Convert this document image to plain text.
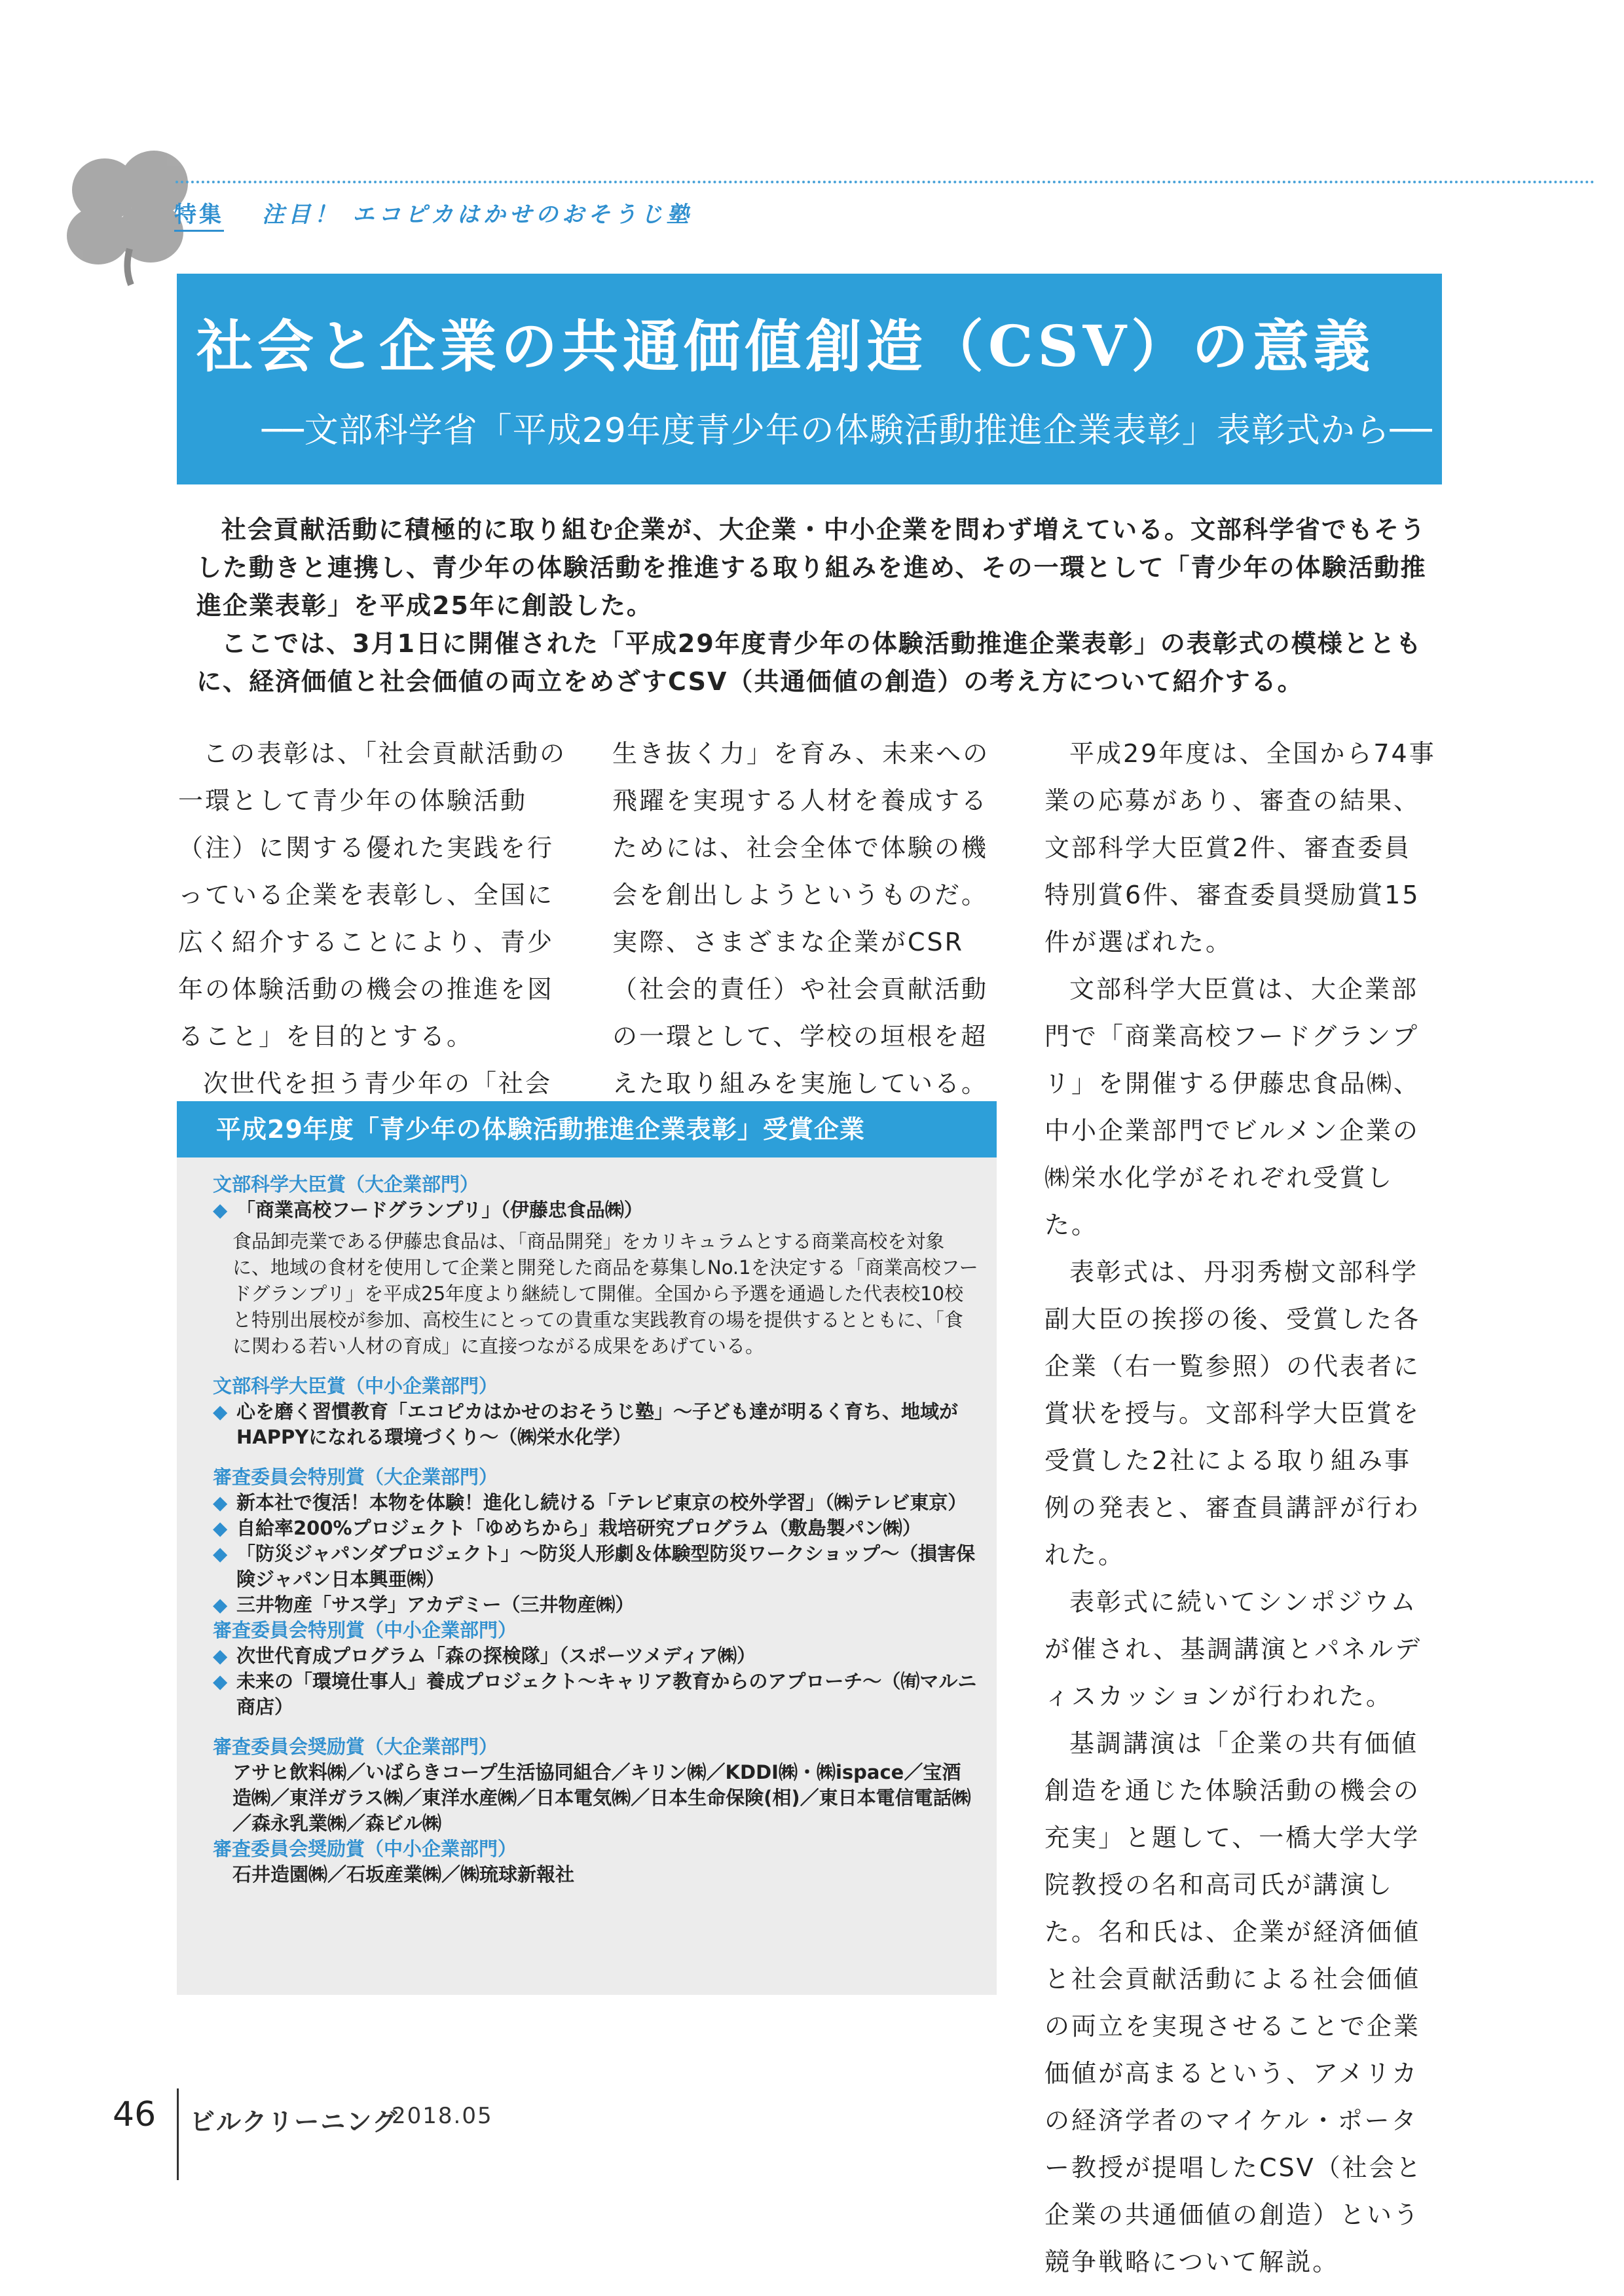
特集 注目！ エコピカはかせのおそうじ塾
社会と企業の共通価値創造（CSV）の意義
──文部科学省「平成29年度青少年の体験活動推進企業表彰」表彰式から──

社会貢献活動に積極的に取り組む企業が、大企業・中小企業を問わず増えている。文部科学省でもそうした動きと連携し、青少年の体験活動を推進する取り組みを進め、その一環として「青少年の体験活動推進企業表彰」を平成25年に創設した。

ここでは、3月1日に開催された「平成29年度青少年の体験活動推進企業表彰」の表彰式の模様とともに、経済価値と社会価値の両立をめざすCSV（共通価値の創造）の考え方について紹介する。

この表彰は、「社会貢献活動の一環として青少年の体験活動（注）に関する優れた実践を行っている企業を表彰し、全国に広く紹介することにより、青少年の体験活動の機会の推進を図ること」を目的とする。

次世代を担う青少年の「社会

生き抜く力」を育み、未来への飛躍を実現する人材を養成するためには、社会全体で体験の機会を創出しようというものだ。　実際、さまざまな企業がCSR（社会的責任）や社会貢献活動の一環として、学校の垣根を超えた取り組みを実施している。

平成29年度は、全国から74事業の応募があり、審査の結果、文部科学大臣賞2件、審査委員特別賞6件、審査委員奨励賞15件が選ばれた。

文部科学大臣賞は、大企業部門で「商業高校フードグランプリ」を開催する伊藤忠食品㈱、中小企業部門でビルメン企業の㈱栄水化学がそれぞれ受賞した。

表彰式は、丹羽秀樹文部科学副大臣の挨拶の後、受賞した各企業（右一覧参照）の代表者に賞状を授与。文部科学大臣賞を受賞した2社による取り組み事例の発表と、審査員講評が行われた。

表彰式に続いてシンポジウムが催され、基調講演とパネルディスカッションが行われた。

基調講演は「企業の共有価値創造を通じた体験活動の機会の充実」と題して、一橋大学大学院教授の名和高司氏が講演した。名和氏は、企業が経済価値と社会貢献活動による社会価値の両立を実現させることで企業価値が高まるという、アメリカの経済学者のマイケル・ポーター教授が提唱したCSV（社会と企業の共通価値の創造）という競争戦略について解説。

平成29年度「青少年の体験活動推進企業表彰」受賞企業
文部科学大臣賞（大企業部門）
◆ 「商業高校フードグランプリ」（伊藤忠食品㈱）
食品卸売業である伊藤忠食品は、「商品開発」をカリキュラムとする商業高校を対象に、地域の食材を使用して企業と開発した商品を募集しNo.1を決定する「商業高校フードグランプリ」を平成25年度より継続して開催。全国から予選を通過した代表校10校と特別出展校が参加、高校生にとっての貴重な実践教育の場を提供するとともに、「食に関わる若い人材の育成」に直接つながる成果をあげている。
文部科学大臣賞（中小企業部門）
◆ 心を磨く習慣教育「エコピカはかせのおそうじ塾」〜子ども達が明るく育ち、地域がHAPPYになれる環境づくり〜（㈱栄水化学）
審査委員会特別賞（大企業部門）
◆ 新本社で復活！本物を体験！進化し続ける「テレビ東京の校外学習」（㈱テレビ東京）
◆ 自給率200%プロジェクト「ゆめちから」栽培研究プログラム（敷島製パン㈱）
◆ 「防災ジャパンダプロジェクト」〜防災人形劇＆体験型防災ワークショップ〜（損害保険ジャパン日本興亜㈱）
◆ 三井物産「サス学」アカデミー（三井物産㈱）
審査委員会特別賞（中小企業部門）
◆ 次世代育成プログラム「森の探検隊」（スポーツメディア㈱）
◆ 未来の「環境仕事人」養成プロジェクト〜キャリア教育からのアプローチ〜（㈲マルニ商店）
審査委員会奨励賞（大企業部門）
アサヒ飲料㈱／いばらきコープ生活協同組合／キリン㈱／KDDI㈱・㈱ispace／宝酒造㈱／東洋ガラス㈱／東洋水産㈱／日本電気㈱／日本生命保険(相)／東日本電信電話㈱／森永乳業㈱／森ビル㈱
審査委員会奨励賞（中小企業部門）
石井造園㈱／石坂産業㈱／㈱琉球新報社
46 ビルクリーニング
2018.05
